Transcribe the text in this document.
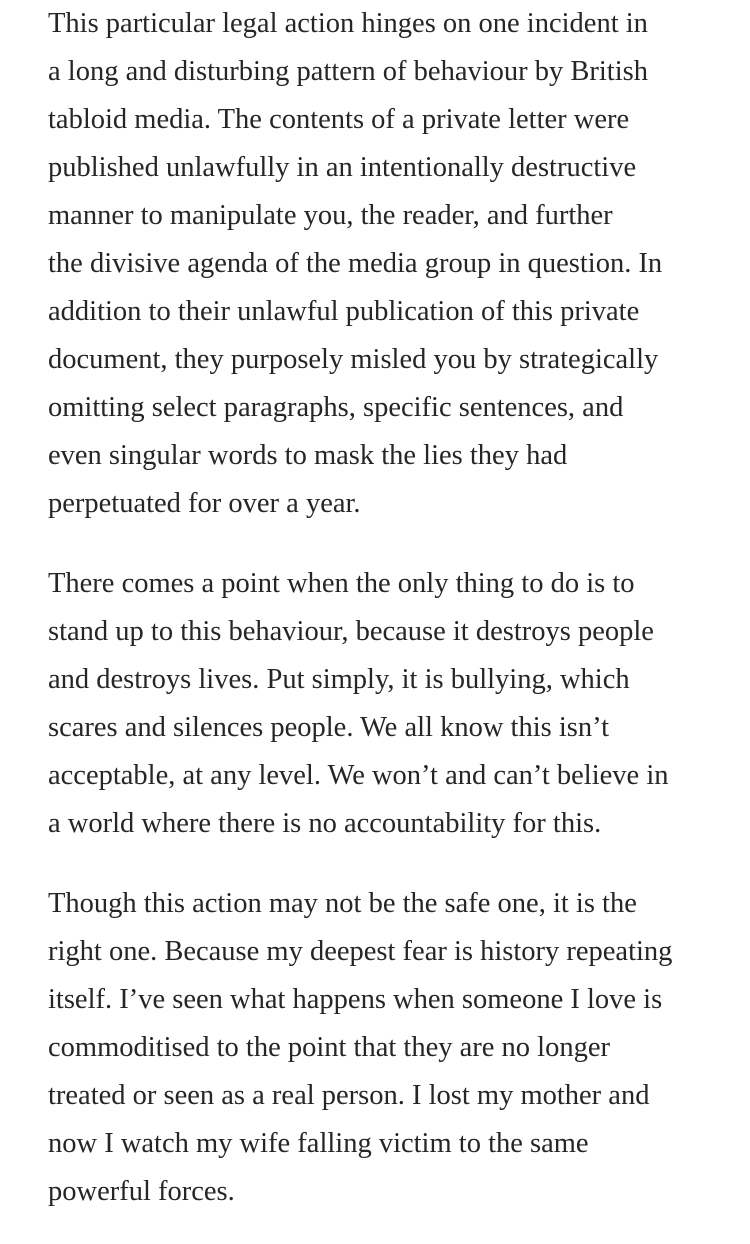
This particular legal action hinges on one incident in
a long and disturbing pattern of behaviour by British
tabloid media. The contents of a private letter were
published unlawfully in an intentionally destructive
manner to manipulate you, the reader, and further
the divisive agenda of the media group in question. In
addition to their unlawful publication of this private
document, they purposely misled you by strategically
omitting select paragraphs, specific sentences, and
even singular words to mask the lies they had
perpetuated for over a year.

There comes a point when the only thing to do is to
stand up to this behaviour, because it destroys people
and destroys lives. Put simply, it is bullying, which
scares and silences people. We all know this isn’t
acceptable, at any level. We won’t and can’t believe in
a world where there is no accountability for this.

Though this action may not be the safe one, it is the
right one. Because my deepest fear is history repeating
itself. I’ve seen what happens when someone I love is
commoditised to the point that they are no longer
treated or seen as a real person. I lost my mother and
now I watch my wife falling victim to the same
powerful forces.
